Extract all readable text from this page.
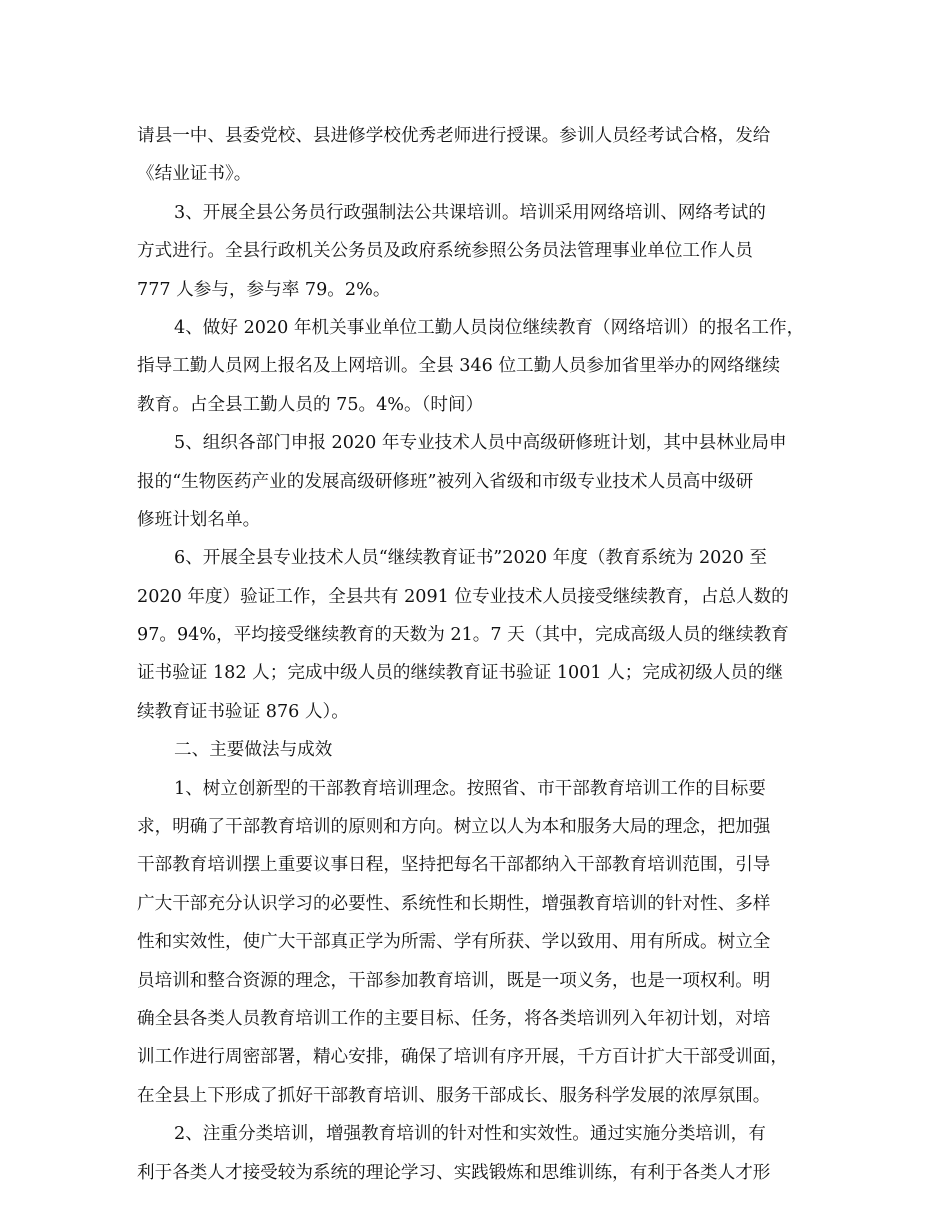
请县一中、县委党校、县进修学校优秀老师进行授课。参训人员经考试合格，发给
《结业证书》。
3、开展全县公务员行政强制法公共课培训。培训采用网络培训、网络考试的
方式进行。全县行政机关公务员及政府系统参照公务员法管理事业单位工作人员
777 人参与，参与率 79。2%。
4、做好 2020 年机关事业单位工勤人员岗位继续教育（网络培训）的报名工作，
指导工勤人员网上报名及上网培训。全县 346 位工勤人员参加省里举办的网络继续
教育。占全县工勤人员的 75。4%。（时间）
5、组织各部门申报 2020 年专业技术人员中高级研修班计划，其中县林业局申
报的“生物医药产业的发展高级研修班”被列入省级和市级专业技术人员高中级研
修班计划名单。
6、开展全县专业技术人员“继续教育证书”2020 年度（教育系统为 2020 至
2020 年度）验证工作，全县共有 2091 位专业技术人员接受继续教育，占总人数的
97。94%，平均接受继续教育的天数为 21。7 天（其中，完成高级人员的继续教育
证书验证 182 人；完成中级人员的继续教育证书验证 1001 人；完成初级人员的继
续教育证书验证 876 人）。
二、主要做法与成效
1、树立创新型的干部教育培训理念。按照省、市干部教育培训工作的目标要
求，明确了干部教育培训的原则和方向。树立以人为本和服务大局的理念，把加强
干部教育培训摆上重要议事日程，坚持把每名干部都纳入干部教育培训范围，引导
广大干部充分认识学习的必要性、系统性和长期性，增强教育培训的针对性、多样
性和实效性，使广大干部真正学为所需、学有所获、学以致用、用有所成。树立全
员培训和整合资源的理念，干部参加教育培训，既是一项义务，也是一项权利。明
确全县各类人员教育培训工作的主要目标、任务，将各类培训列入年初计划，对培
训工作进行周密部署，精心安排，确保了培训有序开展，千方百计扩大干部受训面，
在全县上下形成了抓好干部教育培训、服务干部成长、服务科学发展的浓厚氛围。
2、注重分类培训，增强教育培训的针对性和实效性。通过实施分类培训，有
利于各类人才接受较为系统的理论学习、实践锻炼和思维训练，有利于各类人才形
